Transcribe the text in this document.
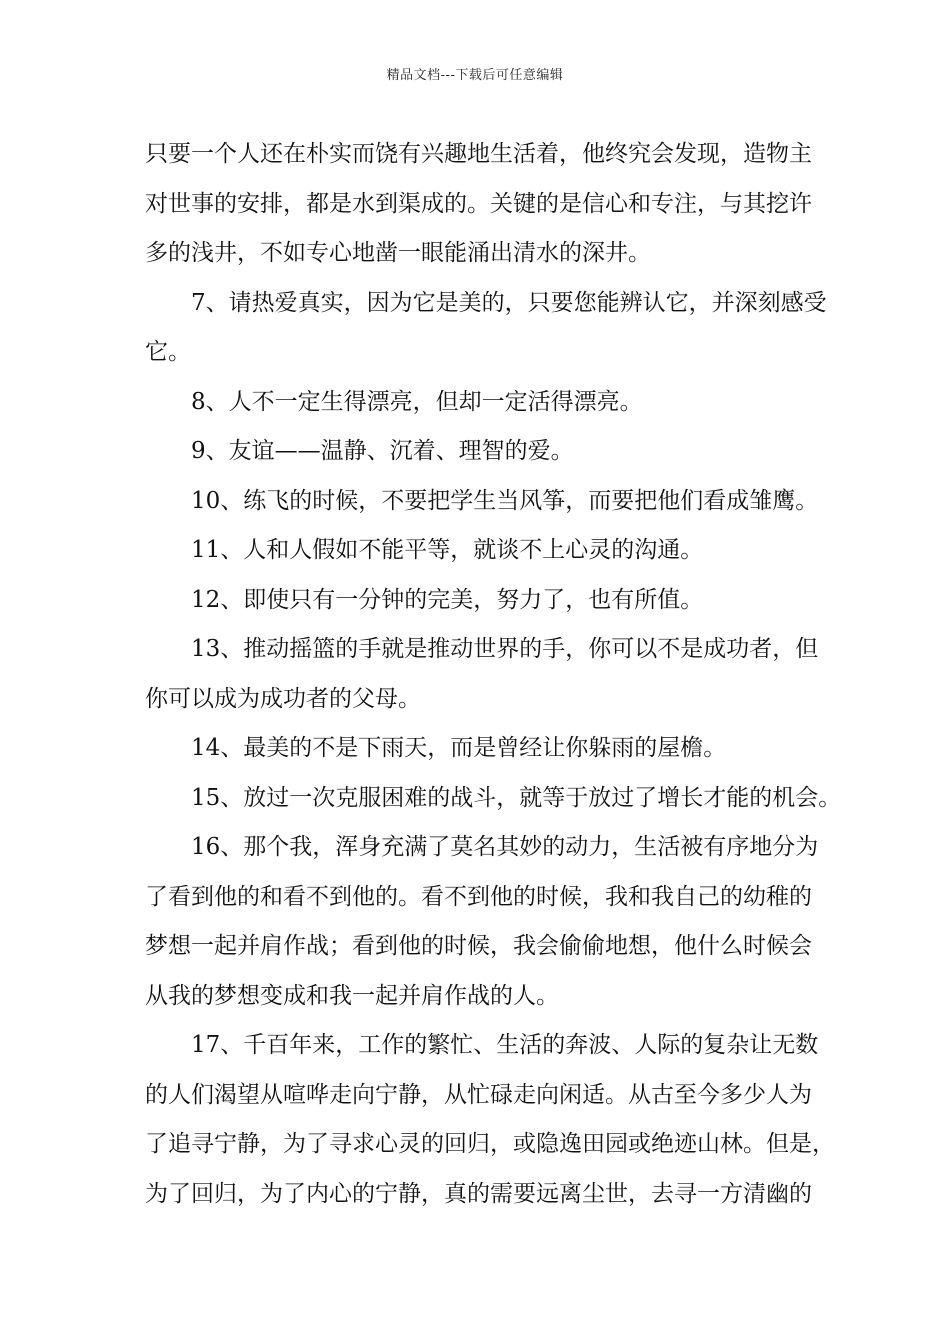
精品文档---下载后可任意编辑
只要一个人还在朴实而饶有兴趣地生活着，他终究会发现，造物主
对世事的安排，都是水到渠成的。关键的是信心和专注，与其挖许
多的浅井，不如专心地凿一眼能涌出清水的深井。
7、请热爱真实，因为它是美的，只要您能辨认它，并深刻感受
它。
8、人不一定生得漂亮，但却一定活得漂亮。
9、友谊——温静、沉着、理智的爱。
10、练飞的时候，不要把学生当风筝，而要把他们看成雏鹰。
11、人和人假如不能平等，就谈不上心灵的沟通。
12、即使只有一分钟的完美，努力了，也有所值。
13、推动摇篮的手就是推动世界的手，你可以不是成功者，但
你可以成为成功者的父母。
14、最美的不是下雨天，而是曾经让你躲雨的屋檐。
15、放过一次克服困难的战斗，就等于放过了增长才能的机会。
16、那个我，浑身充满了莫名其妙的动力，生活被有序地分为
了看到他的和看不到他的。看不到他的时候，我和我自己的幼稚的
梦想一起并肩作战；看到他的时候，我会偷偷地想，他什么时候会
从我的梦想变成和我一起并肩作战的人。
17、千百年来，工作的繁忙、生活的奔波、人际的复杂让无数
的人们渴望从喧哗走向宁静，从忙碌走向闲适。从古至今多少人为
了追寻宁静，为了寻求心灵的回归，或隐逸田园或绝迹山林。但是，
为了回归，为了内心的宁静，真的需要远离尘世，去寻一方清幽的
